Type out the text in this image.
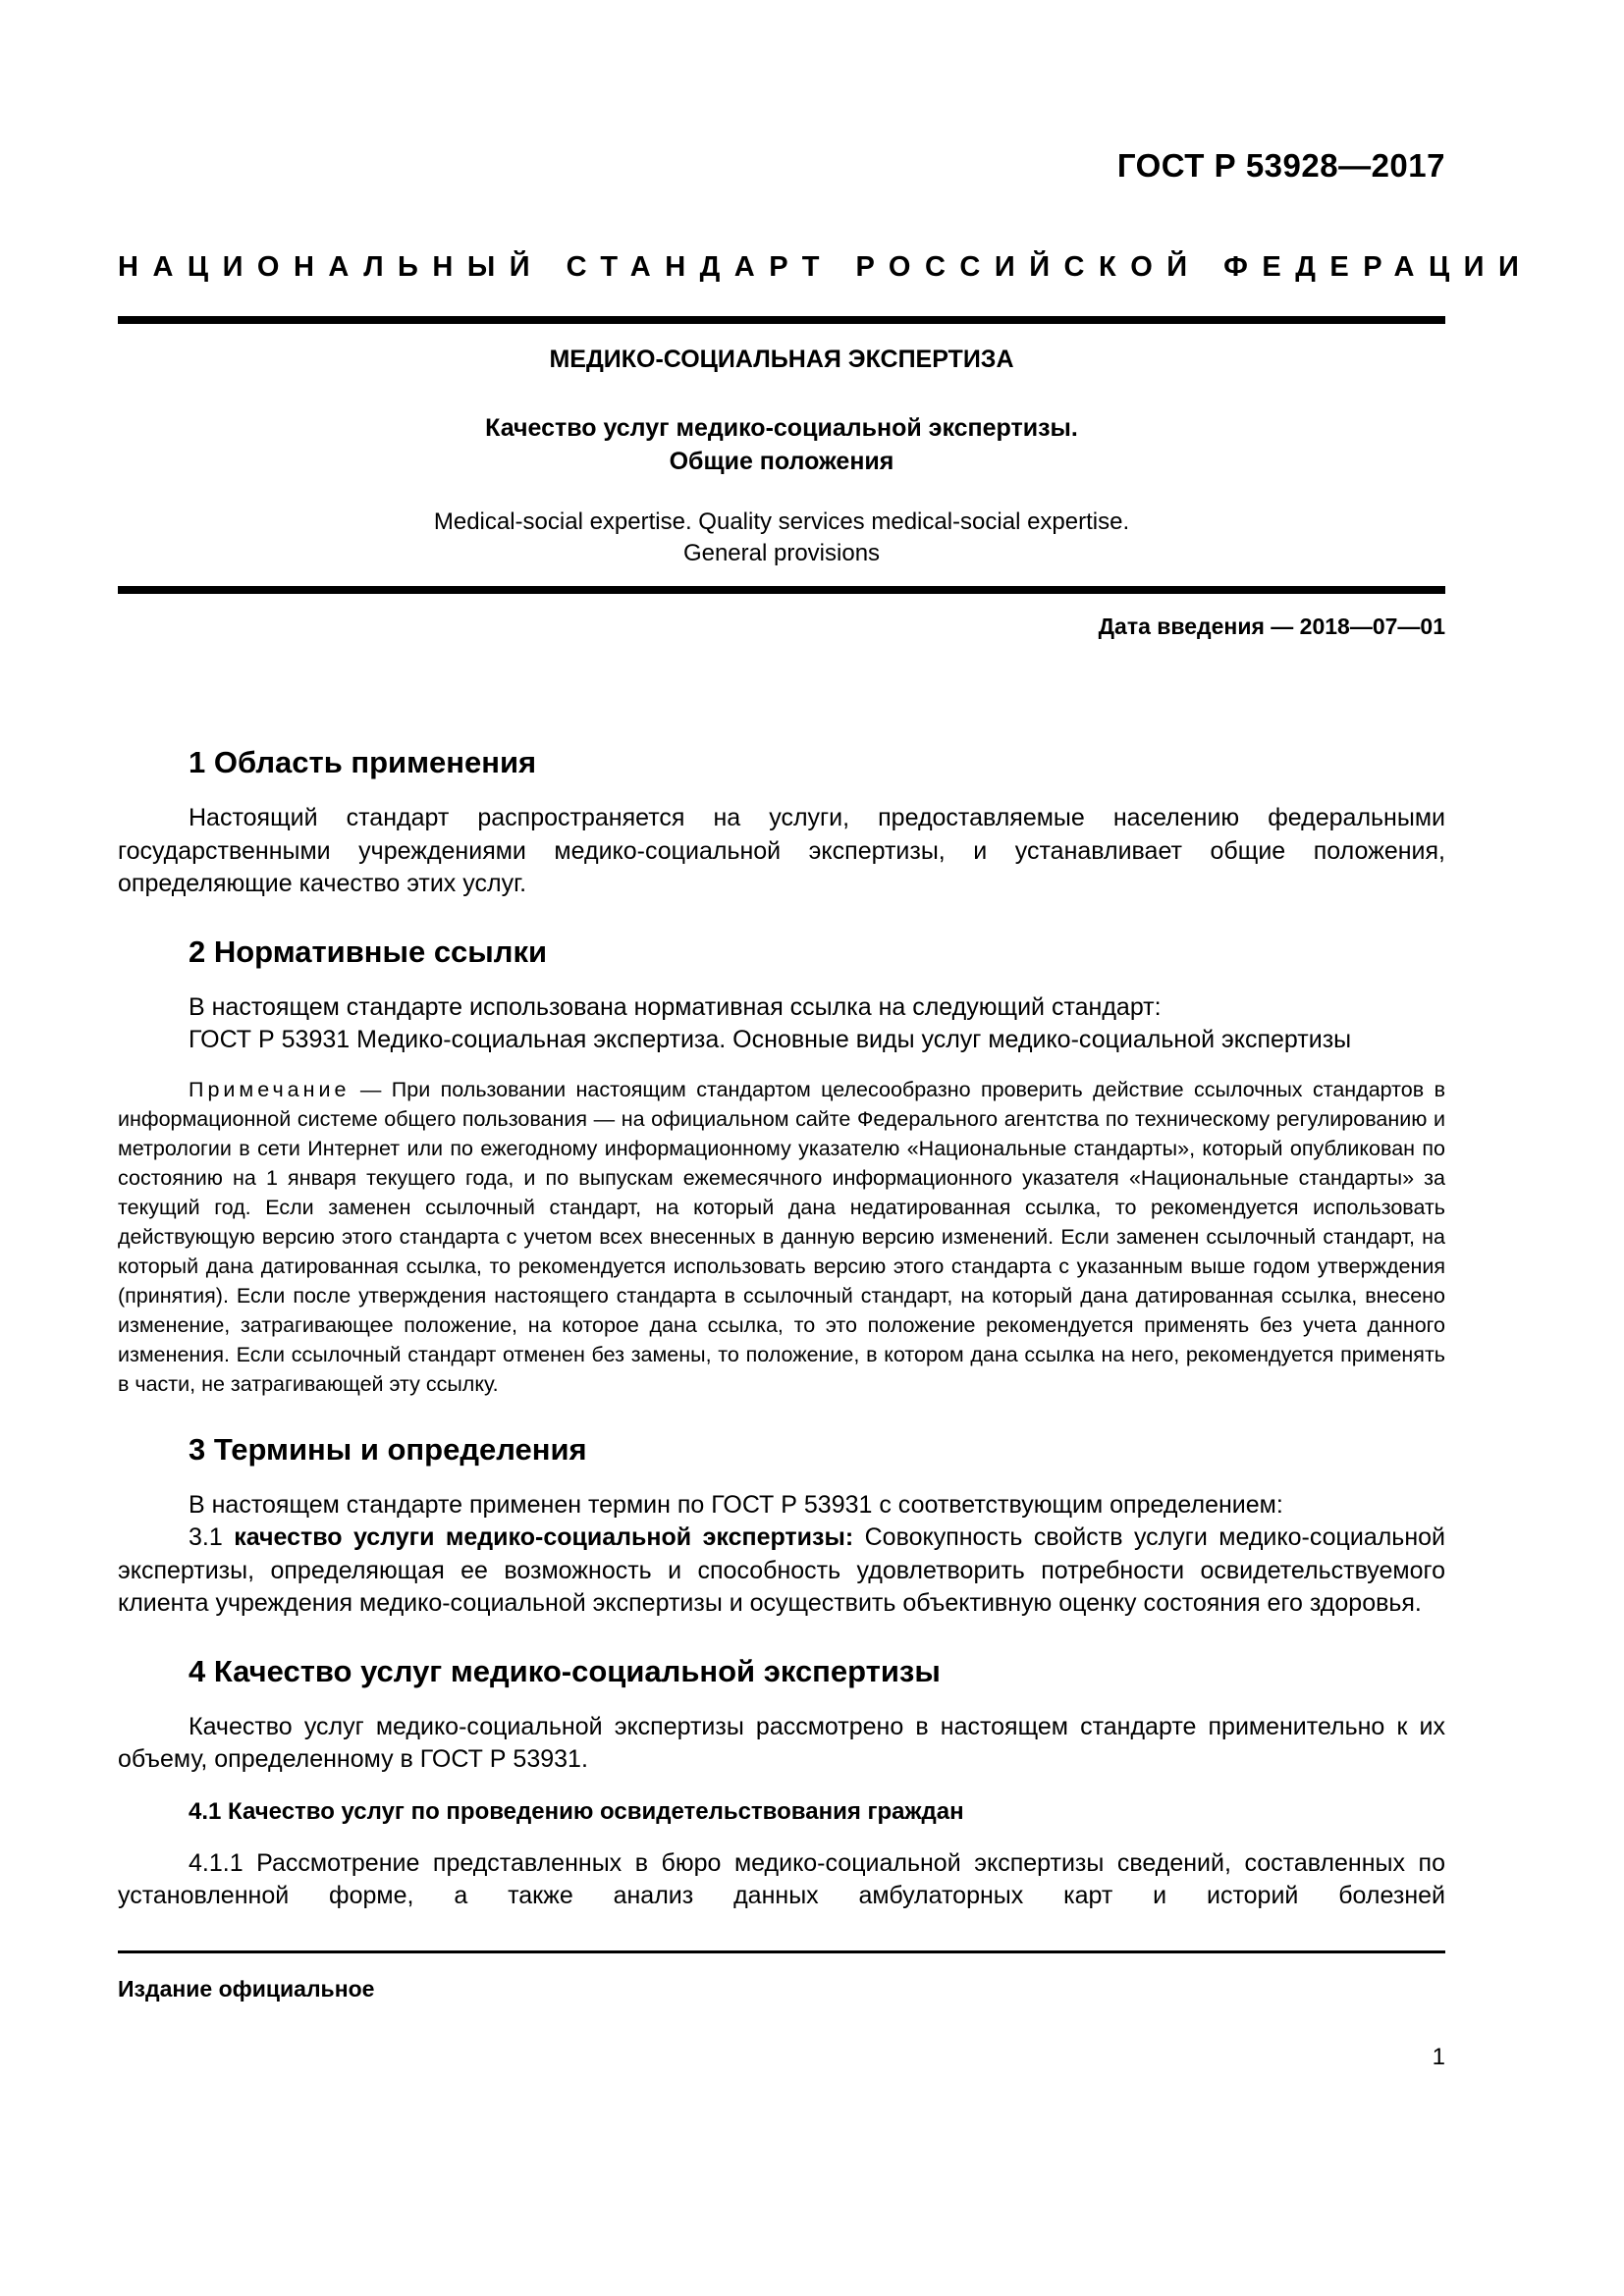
ГОСТ Р 53928—2017
НАЦИОНАЛЬНЫЙ СТАНДАРТ РОССИЙСКОЙ ФЕДЕРАЦИИ
МЕДИКО-СОЦИАЛЬНАЯ ЭКСПЕРТИЗА
Качество услуг медико-социальной экспертизы.
Общие положения
Medical-social expertise. Quality services medical-social expertise.
General provisions
Дата введения — 2018—07—01
1 Область применения

Настоящий стандарт распространяется на услуги, предоставляемые населению федеральными государственными учреждениями медико-социальной экспертизы, и устанавливает общие положения, определяющие качество этих услуг.

2 Нормативные ссылки

В настоящем стандарте использована нормативная ссылка на следующий стандарт:

ГОСТ Р 53931 Медико-социальная экспертиза. Основные виды услуг медико-социальной экспертизы

Примечание — При пользовании настоящим стандартом целесообразно проверить действие ссылочных стандартов в информационной системе общего пользования — на официальном сайте Федерального агентства по техническому регулированию и метрологии в сети Интернет или по ежегодному информационному указателю «Национальные стандарты», который опубликован по состоянию на 1 января текущего года, и по выпускам ежемесячного информационного указателя «Национальные стандарты» за текущий год. Если заменен ссылочный стандарт, на который дана недатированная ссылка, то рекомендуется использовать действующую версию этого стандарта с учетом всех внесенных в данную версию изменений. Если заменен ссылочный стандарт, на который дана датированная ссылка, то рекомендуется использовать версию этого стандарта с указанным выше годом утверждения (принятия). Если после утверждения настоящего стандарта в ссылочный стандарт, на который дана датированная ссылка, внесено изменение, затрагивающее положение, на которое дана ссылка, то это положение рекомендуется применять без учета данного изменения. Если ссылочный стандарт отменен без замены, то положение, в котором дана ссылка на него, рекомендуется применять в части, не затрагивающей эту ссылку.

3 Термины и определения

В настоящем стандарте применен термин по ГОСТ Р 53931 с соответствующим определением:

3.1 качество услуги медико-социальной экспертизы: Совокупность свойств услуги медико-социальной экспертизы, определяющая ее возможность и способность удовлетворить потребности освидетельствуемого клиента учреждения медико-социальной экспертизы и осуществить объективную оценку состояния его здоровья.

4 Качество услуг медико-социальной экспертизы

Качество услуг медико-социальной экспертизы рассмотрено в настоящем стандарте применительно к их объему, определенному в ГОСТ Р 53931.

4.1 Качество услуг по проведению освидетельствования граждан

4.1.1 Рассмотрение представленных в бюро медико-социальной экспертизы сведений, составленных по установленной форме, а также анализ данных амбулаторных карт и историй болезней

Издание официальное
1
